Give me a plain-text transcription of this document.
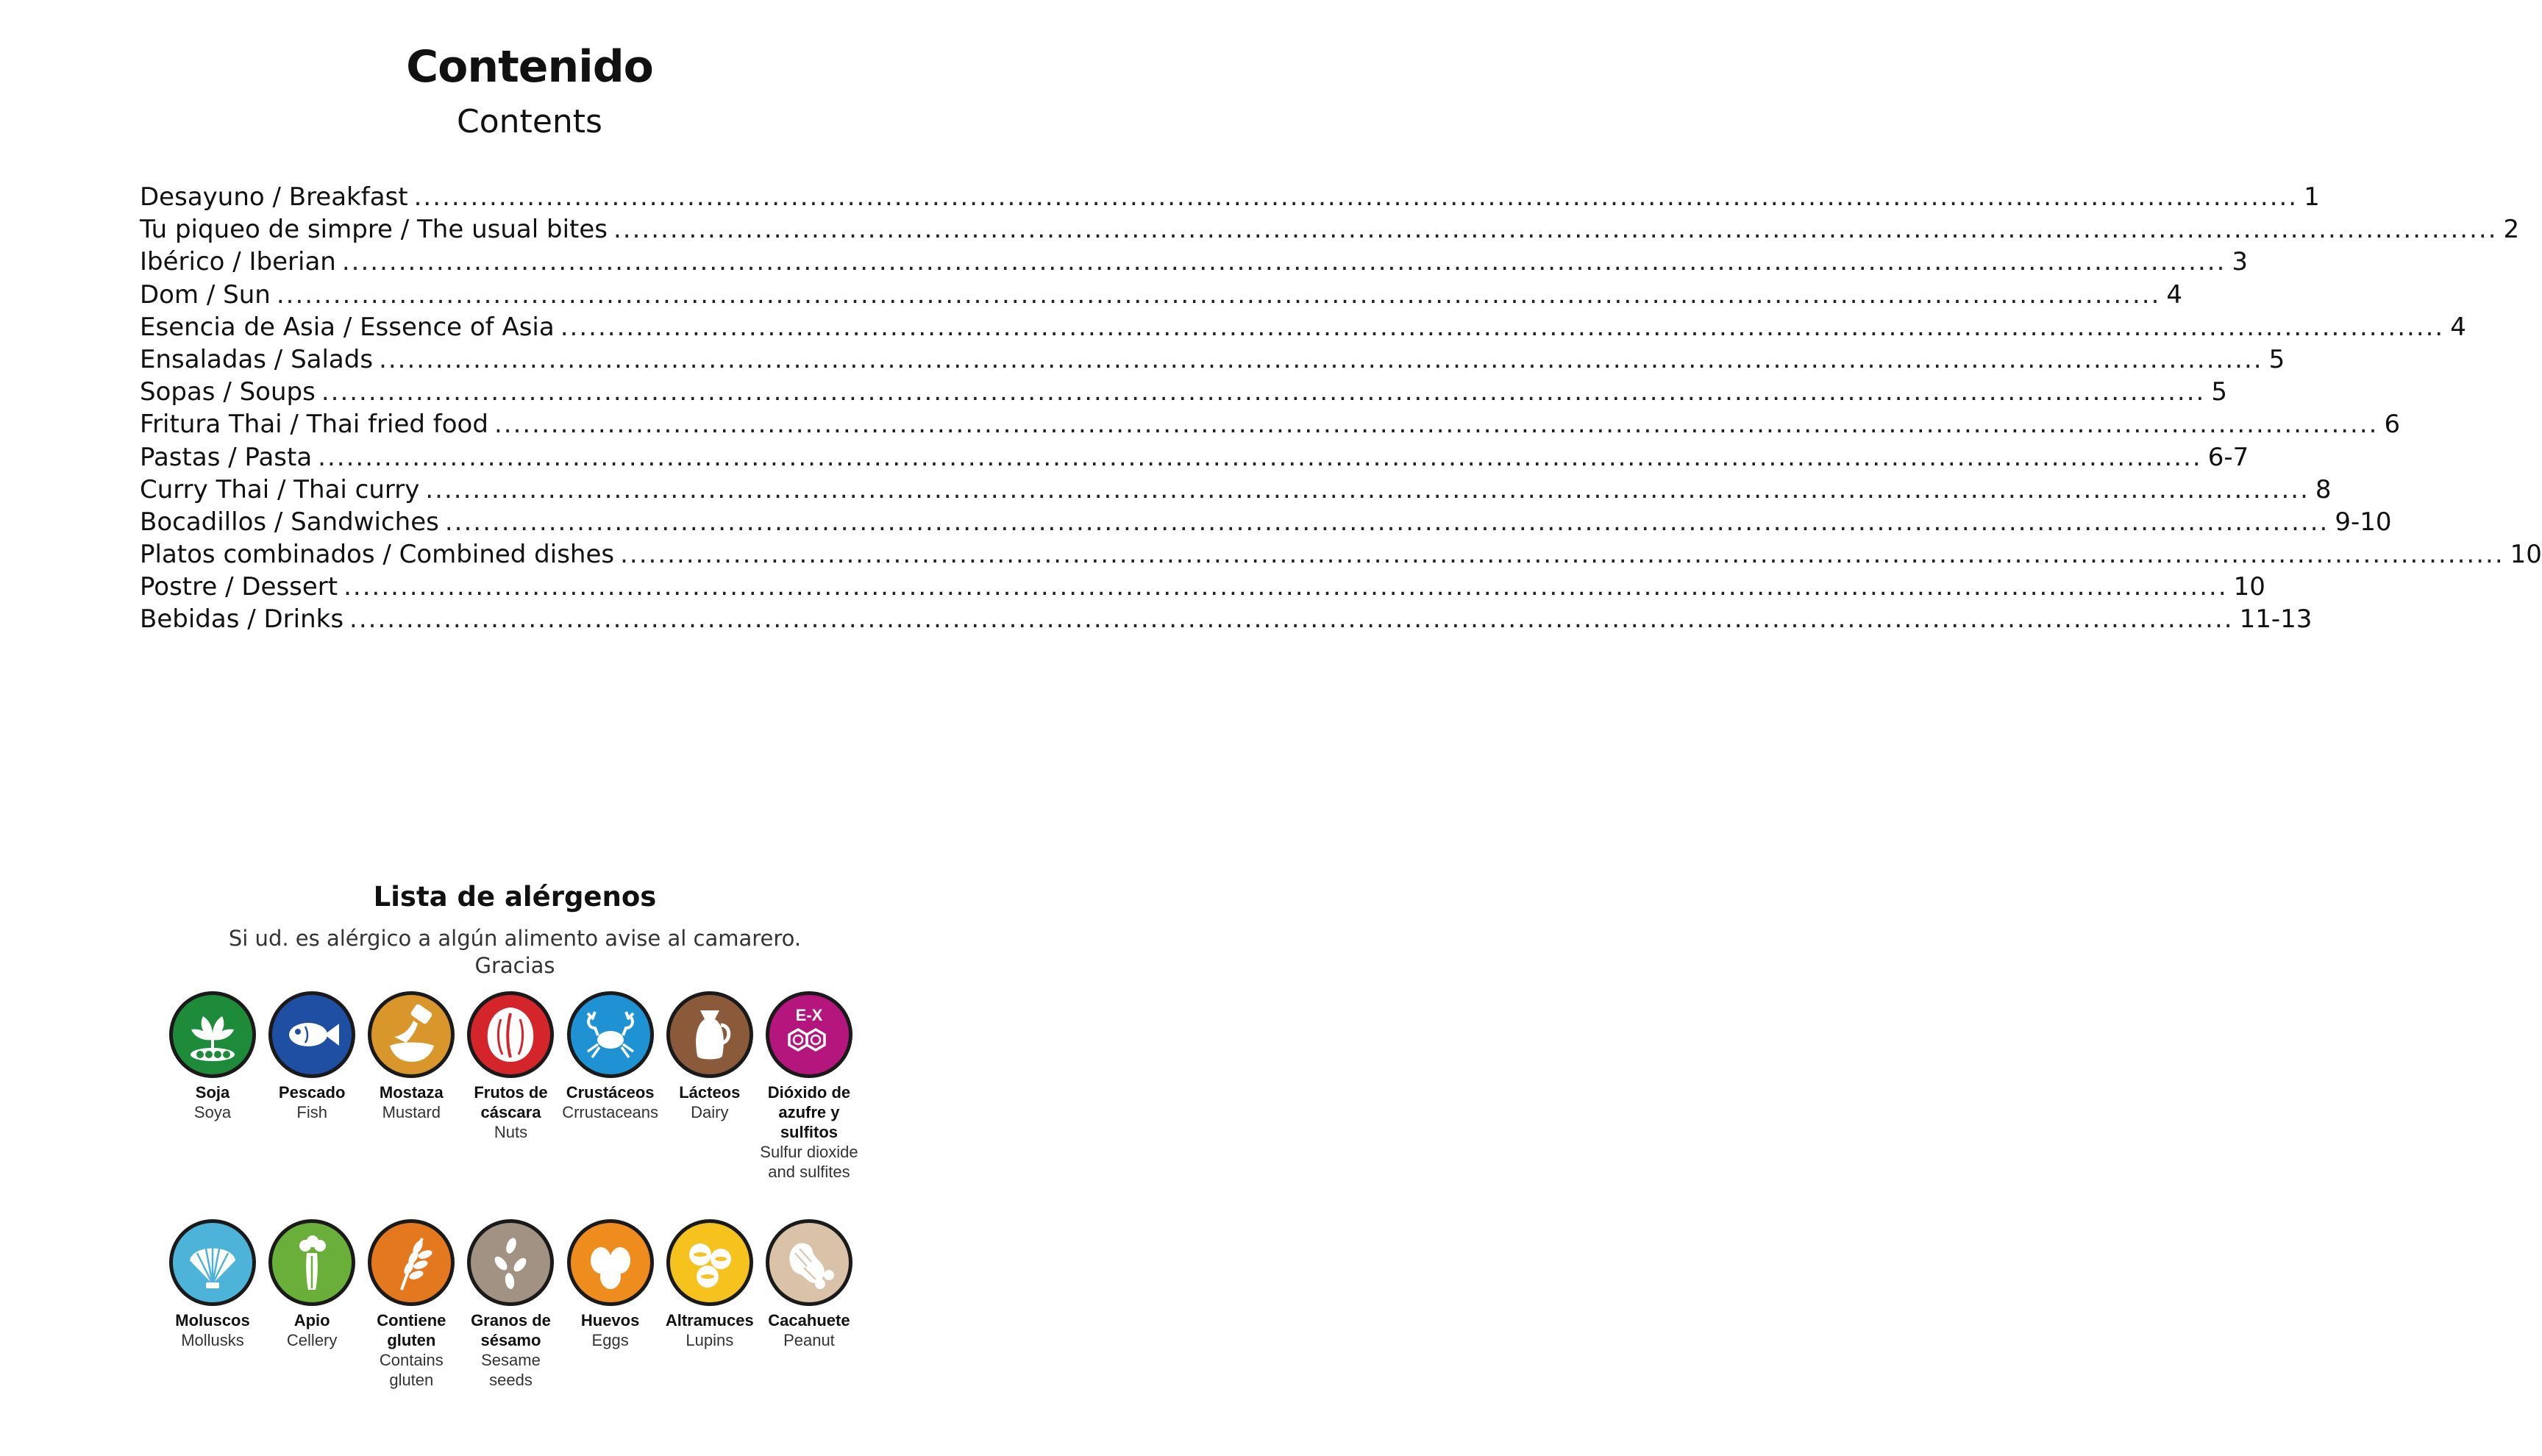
Contenido

Contents

Desayuno / Breakfast ........................................................................................................................................................................................................ 1
Tu piqueo de simpre / The usual bites ........................................................................................................................................................................................................ 2
Ibérico / Iberian ........................................................................................................................................................................................................ 3
Dom / Sun ........................................................................................................................................................................................................ 4
Esencia de Asia / Essence of Asia ........................................................................................................................................................................................................ 4
Ensaladas / Salads ........................................................................................................................................................................................................ 5
Sopas / Soups ........................................................................................................................................................................................................ 5
Fritura Thai / Thai fried food ........................................................................................................................................................................................................ 6
Pastas / Pasta ........................................................................................................................................................................................................ 6-7
Curry Thai / Thai curry ........................................................................................................................................................................................................ 8
Bocadillos / Sandwiches ........................................................................................................................................................................................................ 9-10
Platos combinados / Combined dishes ........................................................................................................................................................................................................ 10
Postre / Dessert ........................................................................................................................................................................................................ 10
Bebidas / Drinks ........................................................................................................................................................................................................ 11-13
Lista de alérgenos

Si ud. es alérgico a algún alimento avise al camarero. Gracias

Soja
Soya
Pescado
Fish
Mostaza
Mustard
Frutos de cáscara
Nuts
Crustáceos
Crrustaceans
Lácteos
Dairy
E-X
Dióxido de azufre y sulfitos
Sulfur dioxide and sulfites
Moluscos
Mollusks
Apio
Cellery
Contiene gluten
Contains gluten
Granos de sésamo
Sesame seeds
Huevos
Eggs
Altramuces
Lupins
Cacahuete
Peanut
